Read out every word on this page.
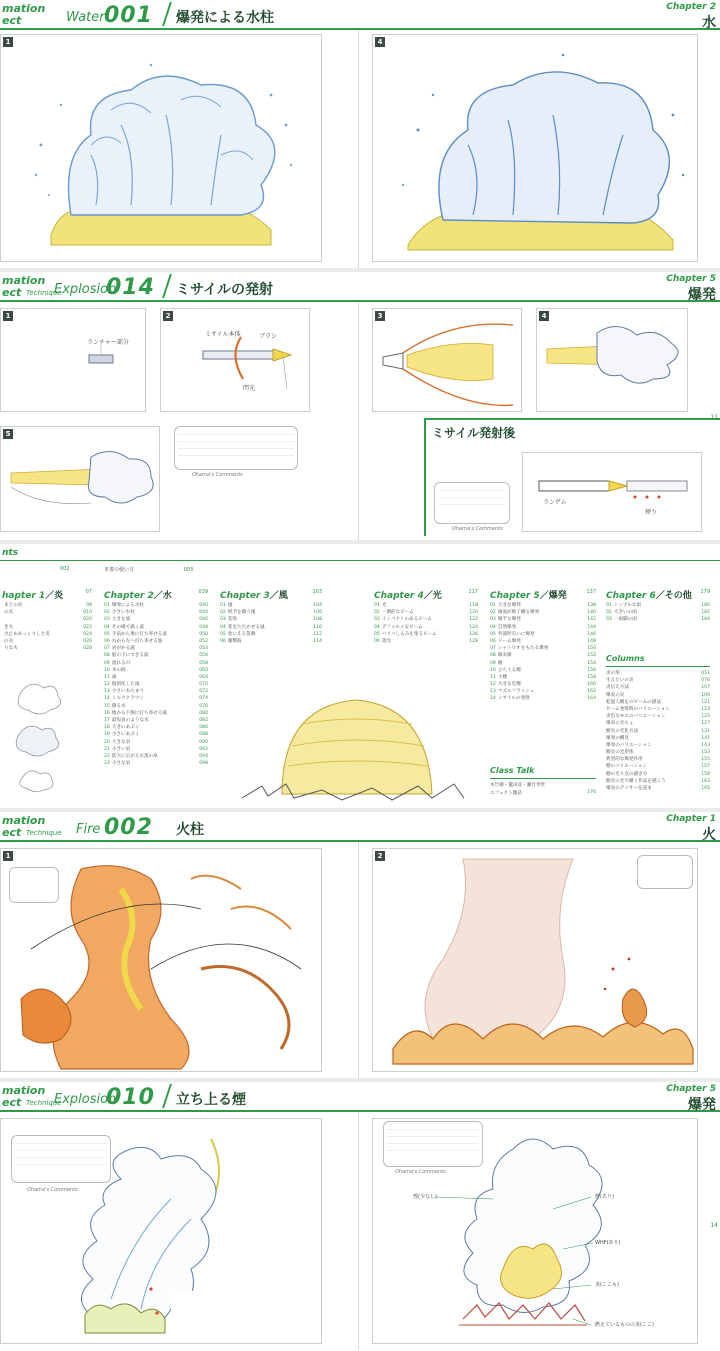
mation
ect	Water 001 爆発による水柱
Chapter 2
水
1	4
mation
ect Technique
Explosion
014 ミサイルの発射
Chapter 5
爆発
ランチャー部分
1
ミサイル本体	ブラシ
閃光
2	3	4
5
Ohama's Comments
ミサイル発射後
Ohama's Comments
ランゲム
煙り
11
nts
002	本書の使い方	003
hapter 1／炎	07
まとの炎	08
の炎	010
020
き火	022
火止めあっくりした炎	024
の炎	026
りな火	028
Chapter 2／水	039
01 爆発による水柱	040
02 小さい水柱	044
03 大きな波	046
04 その場で渦く波	048
05 手前から奥に打ち寄せる波	050
06 右から左へ打ち寄せる波	052
07 岩がかる波	054
08 船の下にできる波	056
09 流れる川	058
10 木の洞	060
11 滝	064
12 個別化した滝	070
13 小さい水たまり	072
14 ミルククラウン	074
15 降る水	076
16 地から下倒に打ち寄せる波	080
17 最短表のような水	082
18 大きいあぶく	086
19 小さいあぶく	088
20 大きな泉	090
21 小さい泉	092
22 防大に広がる水蒸の泉	094
23 小さな泉	098
Chapter 3／風	103
01 風	104
02 紙予を舞う風	106
03 花吹	108
04 花をたたかせる風	110
05 吹いえる笹舞	112
06 衝撃波	114
Chapter 4／光	117
01 光	118
02 一期的なビーム	120
03 インパクトのあるビーム	122
04 デフォルメなビーム	124
05 バリバしらみを集るビーム	126
06 落光	128
Chapter 5／爆発	137
01 大きな爆発	138
02 画面が被子剛る爆発	140
03 爆手な爆発	142
04 自然爆発	144
05 外部所有いに爆発	146
06 ドーム爆発	148
07 シャトワオをもたる爆発	150
08 爆炎爆	152
09 煙	154
10 立ち上る煙	156
11 小煙	158
12 大きな近煙	160
13 マズルフラッシュ	162
14 ミサイルの発射	164
Class Talk
木竹衛・籠田彦・藤竹世世
エフェクト雑話	176
Chapter 6／その他 179
01 シンプルな雨	180
02 大きいの雨	182
03 一雨脚の雨	184
Columns
炎の形	011
生えたいの炎	076
炎伝え方法	107
爆炎の炎	109
乾湿人概をのビームの描法	121
ビーム発射時のバリエーション	123
炎色なモエのバリエーション	125
爆炎の光ちょ	127
煙炎の光化方法	131
爆発の構見	141
爆発のバリエーション	143
煙炎の光形体	153
典型的な爆発作用	155
煙のバリエーション	157
煙の光り点の描き方	159
煙炎の光で漸く作品を描こう	163
爆炎のデッサーを読ま	165
mation
ect Technique Fire 002 火柱
Chapter 1
火
1	2
mation
ect Technique
Explosion
010 立ち上る煙
Chapter 5
爆発
Ohama's Comments
煙(少なし)	煙(あり)
WHF(あり)
炎(ここも)
燃えているものの炎(ここ)
Ohama's Comments
14
